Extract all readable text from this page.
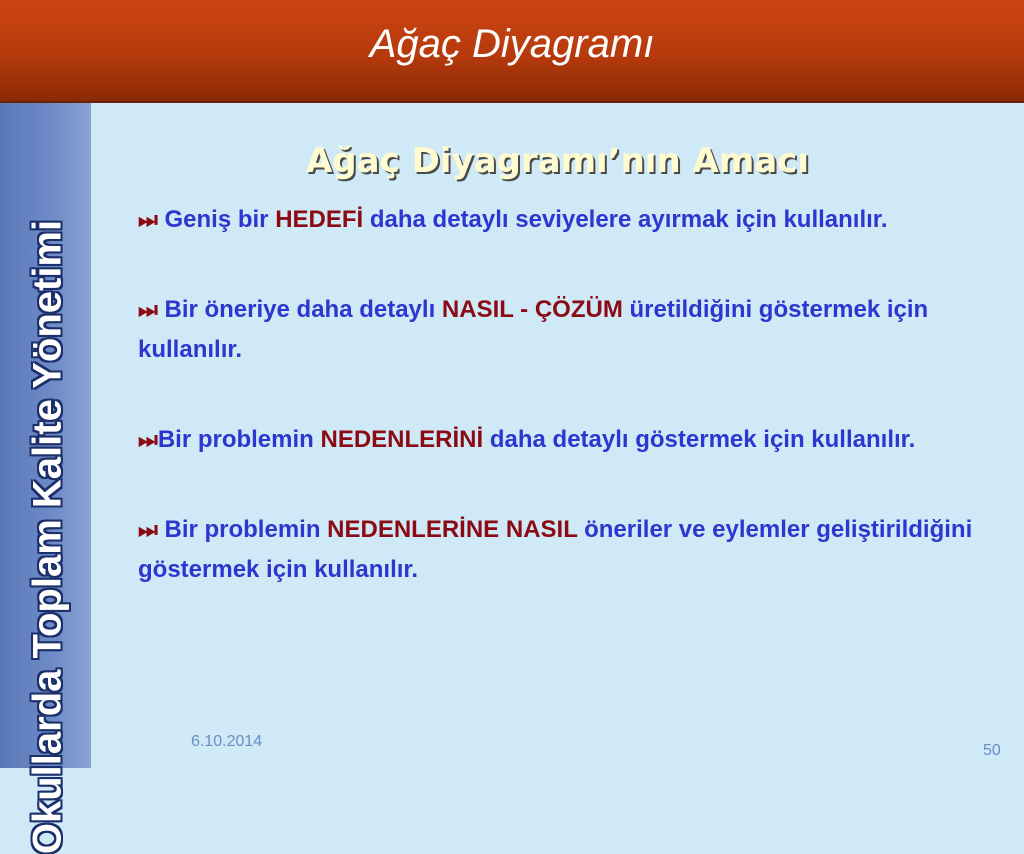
Ağaç Diyagramı
Okullarda Toplam Kalite Yönetimi
Ağaç Diyagramı’nın Amacı
⏭ Geniş bir HEDEFİ daha detaylı seviyelere ayırmak için kullanılır.
⏭ Bir öneriye daha detaylı NASIL - ÇÖZÜM üretildiğini göstermek için kullanılır.
⏭Bir problemin NEDENLERİNİ daha detaylı göstermek için kullanılır.
⏭ Bir problemin NEDENLERİNE NASIL öneriler ve eylemler geliştirildiğini göstermek için kullanılır.
6.10.2014
50
